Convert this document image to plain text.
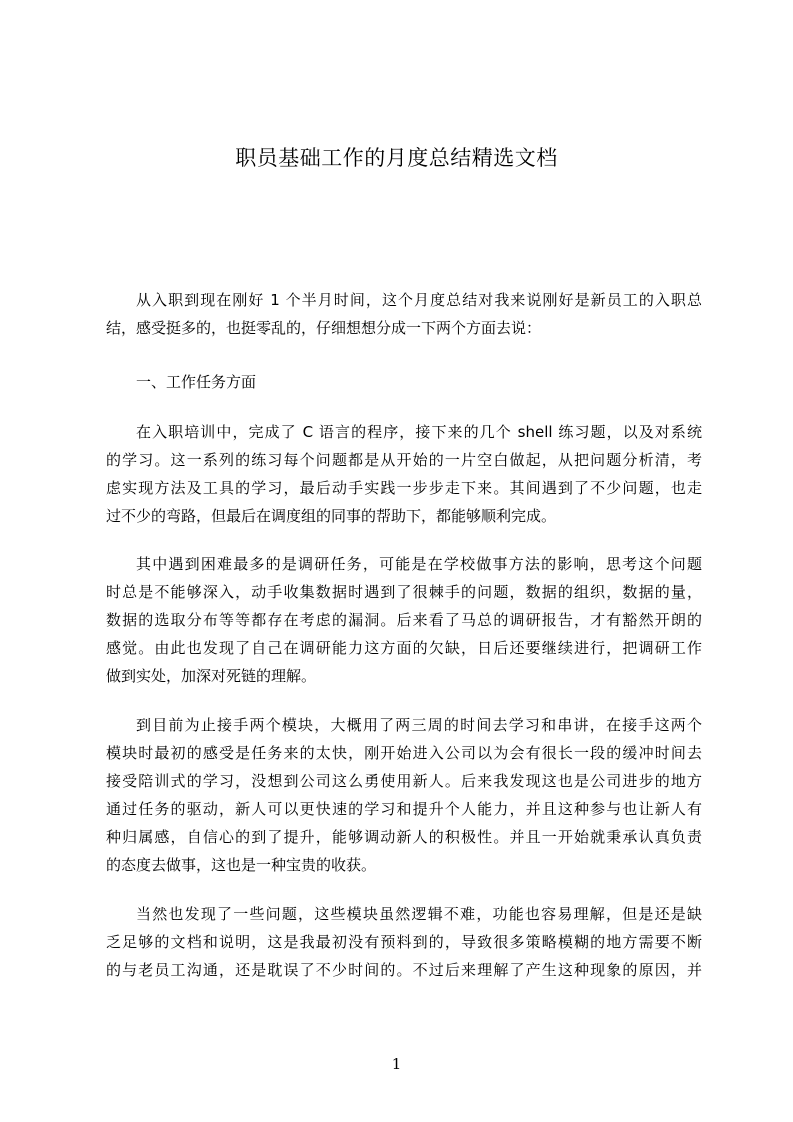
职员基础工作的月度总结精选文档
从入职到现在刚好 1 个半月时间，这个月度总结对我来说刚好是新员工的入职总
结，感受挺多的，也挺零乱的，仔细想想分成一下两个方面去说：
一、工作任务方面
在入职培训中，完成了 C 语言的程序，接下来的几个 shell 练习题，以及对系统
的学习。这一系列的练习每个问题都是从开始的一片空白做起，从把问题分析清，考
虑实现方法及工具的学习，最后动手实践一步步走下来。其间遇到了不少问题，也走
过不少的弯路，但最后在调度组的同事的帮助下，都能够顺利完成。
其中遇到困难最多的是调研任务，可能是在学校做事方法的影响，思考这个问题
时总是不能够深入，动手收集数据时遇到了很棘手的问题，数据的组织，数据的量，
数据的选取分布等等都存在考虑的漏洞。后来看了马总的调研报告，才有豁然开朗的
感觉。由此也发现了自己在调研能力这方面的欠缺，日后还要继续进行，把调研工作
做到实处，加深对死链的理解。
到目前为止接手两个模块，大概用了两三周的时间去学习和串讲，在接手这两个
模块时最初的感受是任务来的太快，刚开始进入公司以为会有很长一段的缓冲时间去
接受陪训式的学习，没想到公司这么勇使用新人。后来我发现这也是公司进步的地方
通过任务的驱动，新人可以更快速的学习和提升个人能力，并且这种参与也让新人有
种归属感，自信心的到了提升，能够调动新人的积极性。并且一开始就秉承认真负责
的态度去做事，这也是一种宝贵的收获。
当然也发现了一些问题，这些模块虽然逻辑不难，功能也容易理解，但是还是缺
乏足够的文档和说明，这是我最初没有预料到的，导致很多策略模糊的地方需要不断
的与老员工沟通，还是耽误了不少时间的。不过后来理解了产生这种现象的原因，并
1
